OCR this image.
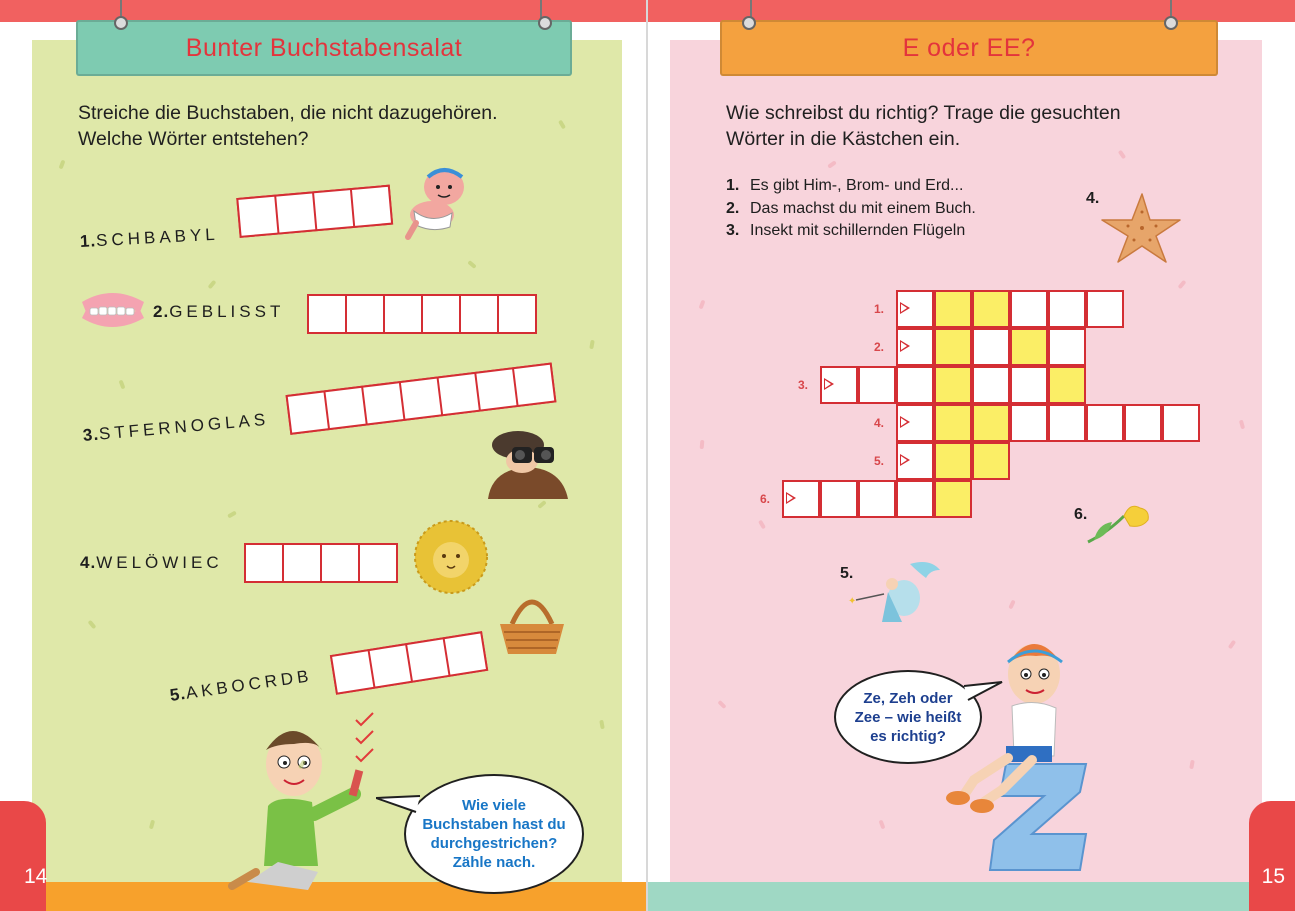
14
Bunter Buchstabensalat
Streiche die Buchstaben, die nicht dazugehören.
Welche Wörter entstehen?
1.SCHBABYL
2.GEBLISST
3.STFERNOGLAS
4.WELÖWIEC
5.AKBOCRDB
Wie viele
Buchstaben hast du
durchgestrichen?
Zähle nach.
15
E oder EE?
Wie schreibst du richtig? Trage die gesuchten
Wörter in die Kästchen ein.
1. Es gibt Him-, Brom- und Erd...
2. Das machst du mit einem Buch.
3. Insekt mit schillernden Flügeln
4.
6.
5.
✦
Ze, Zeh oder
Zee – wie heißt
es richtig?
1.
2.
3.
4.
5.
6.
